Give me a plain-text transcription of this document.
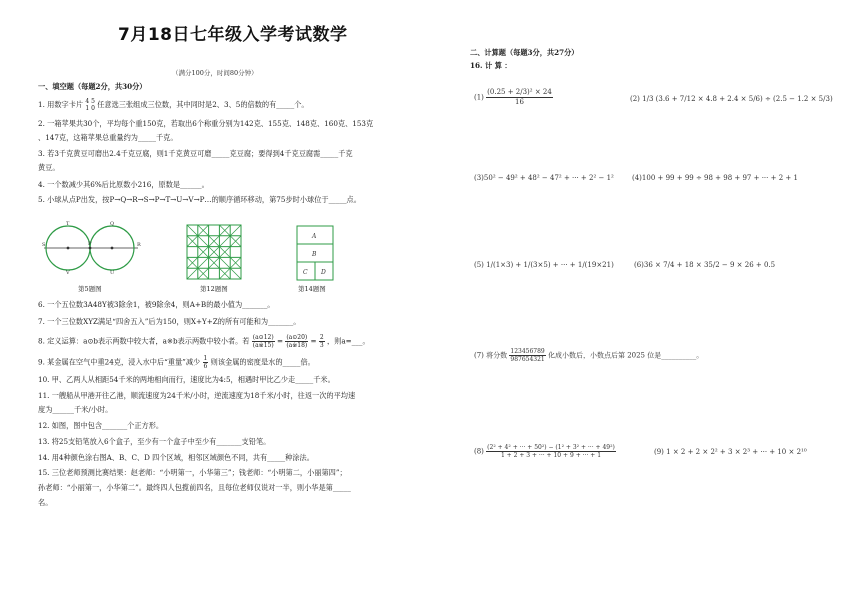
7月18日七年级入学考试数学
（满分100分，时间80分钟）
一、填空题（每题2分，共30分）
1. 用数字卡片 4 5
1 0 任意选三张组成三位数，其中同时是2、3、5的倍数的有_____个。
2. 一箱苹果共30个，平均每个重150克，若取出6个称重分别为142克、155克、148克、160克、153克
、147克，这箱苹果总重量约为_____千克。
3. 若3千克黄豆可磨出2.4千克豆腐，则1千克黄豆可磨_____克豆腐；要得到4千克豆腐需_____千克
黄豆。
4. 一个数减少其6%后比原数小216，原数是______。
5. 小球从点P出发，按P→Q→R→S→P→T→U→V→P…的顺序循环移动，第75步时小球位于_____点。
T	Q
S	P	R
V	U
第5题图	第12题图
A
B
C D
第14题图
6. 一个五位数3A48Y被3除余1，被9除余4，则A+B的最小值为_______。
7. 一个三位数XYZ满足“四舍五入”后为150，则X+Y+Z的所有可能和为_______。
8. 定义运算：a⊙b表示两数中较大者，a※b表示两数中较小者。若 $\frac{(a⊙12)}{(a※15)} = \frac{(a⊙20)}{(a※18)} = \frac{2}{3}$ ，则a=___。
9. 某金属在空气中重24克，浸入水中后“重量”减少 $\frac{1}{6}$ 则该金属的密度是水的_____倍。
10. 甲、乙两人从相距54千米的两地相向而行，速度比为4:5，相遇时甲比乙少走_____千米。
11. 一艘船从甲港开往乙港，顺流速度为24千米/小时，逆流速度为18千米/小时，往返一次的平均速
度为______千米/小时。
12. 如图，图中包含_______个正方形。
13. 将25支铅笔放入6个盒子，至少有一个盒子中至少有_______支铅笔。
14. 用4种颜色涂右图A、B、C、D 四个区域，相邻区域颜色不同，共有_____种涂法。
15. 三位老师预测比赛结果：赵老师：“小明第一，小华第三”；钱老师：“小明第二，小丽第四”；
孙老师：“小丽第一，小华第二”。最终四人包揽前四名，且每位老师仅说对一半，则小华是第_____
名。
二、计算题（每题3分，共27分）
16. 计 算 ：
$(1) \frac{\text{(0.25 + 2/3)² × 24}}{16}$	(2) 1/3 (3.6 + 7/12 × 4.8 + 2.4 × 5/6) ÷ (2.5 − 1.2 × 5/3)
(3)50² − 49² + 48² − 47² + ··· + 2² − 1²	(4)100 + 99 + 99 ÷ 98 + 98 + 97 + ··· + 2 + 1
(5) 1/(1×3) + 1/(3×5) + ··· + 1/(19×21)	(6)36 × 7/4 + 18 × 35/2 − 9 × 26 + 0.5
(7) 将分数 $\frac{123456789}{987654321}$ 化成小数后，小数点后第 2025 位是__________。
$(8) \frac{\text{(2² + 4² + ··· + 50²) − (1² + 3² + ··· + 49²)}}{1 + 2 + 3 + \cdot\cdot\cdot + 10 + 9 + \cdot\cdot\cdot + 1}$	(9) 1 × 2 + 2 × 2² + 3 × 2³ + ··· + 10 × 2¹⁰
